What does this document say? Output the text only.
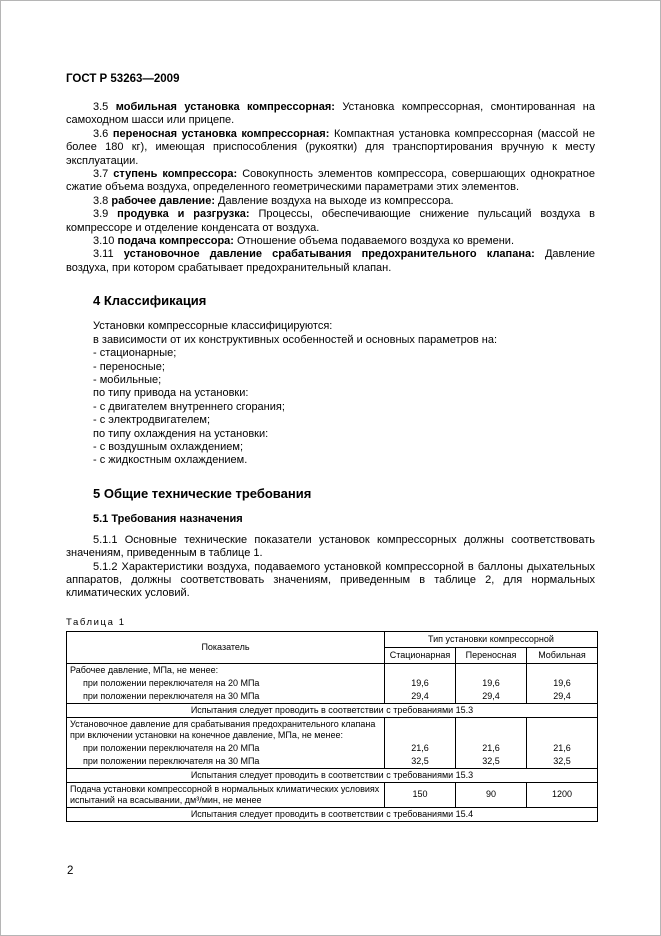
ГОСТ Р 53263—2009

3.5 мобильная установка компрессорная: Установка компрессорная, смонтированная на самоходном шасси или прицепе.

3.6 переносная установка компрессорная: Компактная установка компрессорная (массой не более 180 кг), имеющая приспособления (рукоятки) для транспортирования вручную к месту эксплуатации.

3.7 ступень компрессора: Совокупность элементов компрессора, совершающих однократное сжатие объема воздуха, определенного геометрическими параметрами этих элементов.

3.8 рабочее давление: Давление воздуха на выходе из компрессора.

3.9 продувка и разгрузка: Процессы, обеспечивающие снижение пульсаций воздуха в компрессоре и отделение конденсата от воздуха.

3.10 подача компрессора: Отношение объема подаваемого воздуха ко времени.

3.11 установочное давление срабатывания предохранительного клапана: Давление воздуха, при котором срабатывает предохранительный клапан.

4 Классификация
Установки компрессорные классифицируются:
в зависимости от их конструктивных особенностей и основных параметров на:
- стационарные;
- переносные;
- мобильные;
по типу привода на установки:
- с двигателем внутреннего сгорания;
- с электродвигателем;
по типу охлаждения на установки:
- с воздушным охлаждением;
- с жидкостным охлаждением.
5 Общие технические требования
5.1 Требования назначения

5.1.1 Основные технические показатели установок компрессорных должны соответствовать значениям, приведенным в таблице 1.

5.1.2 Характеристики воздуха, подаваемого установкой компрессорной в баллоны дыхательных аппаратов, должны соответствовать значениям, приведенным в таблице 2, для нормальных климатических условий.

Таблица 1
Показатель	Тип установки компрессорной		
	Стационарная	Переносная	Мобильная
Рабочее давление, МПа, не менее:			
при положении переключателя на 20 МПа	19,6	19,6	19,6
при положении переключателя на 30 МПа	29,4	29,4	29,4
Испытания следует проводить в соответствии с требованиями 15.3			
Установочное давление для срабатывания предохранительного клапана при включении установки на конечное давление, МПа, не менее:			
при положении переключателя на 20 МПа	21,6	21,6	21,6
при положении переключателя на 30 МПа	32,5	32,5	32,5
Испытания следует проводить в соответствии с требованиями 15.3			
Подача установки компрессорной в нормальных климатических условиях испытаний на всасывании, дм³/мин, не менее	150	90	1200
Испытания следует проводить в соответствии с требованиями 15.4			
2
